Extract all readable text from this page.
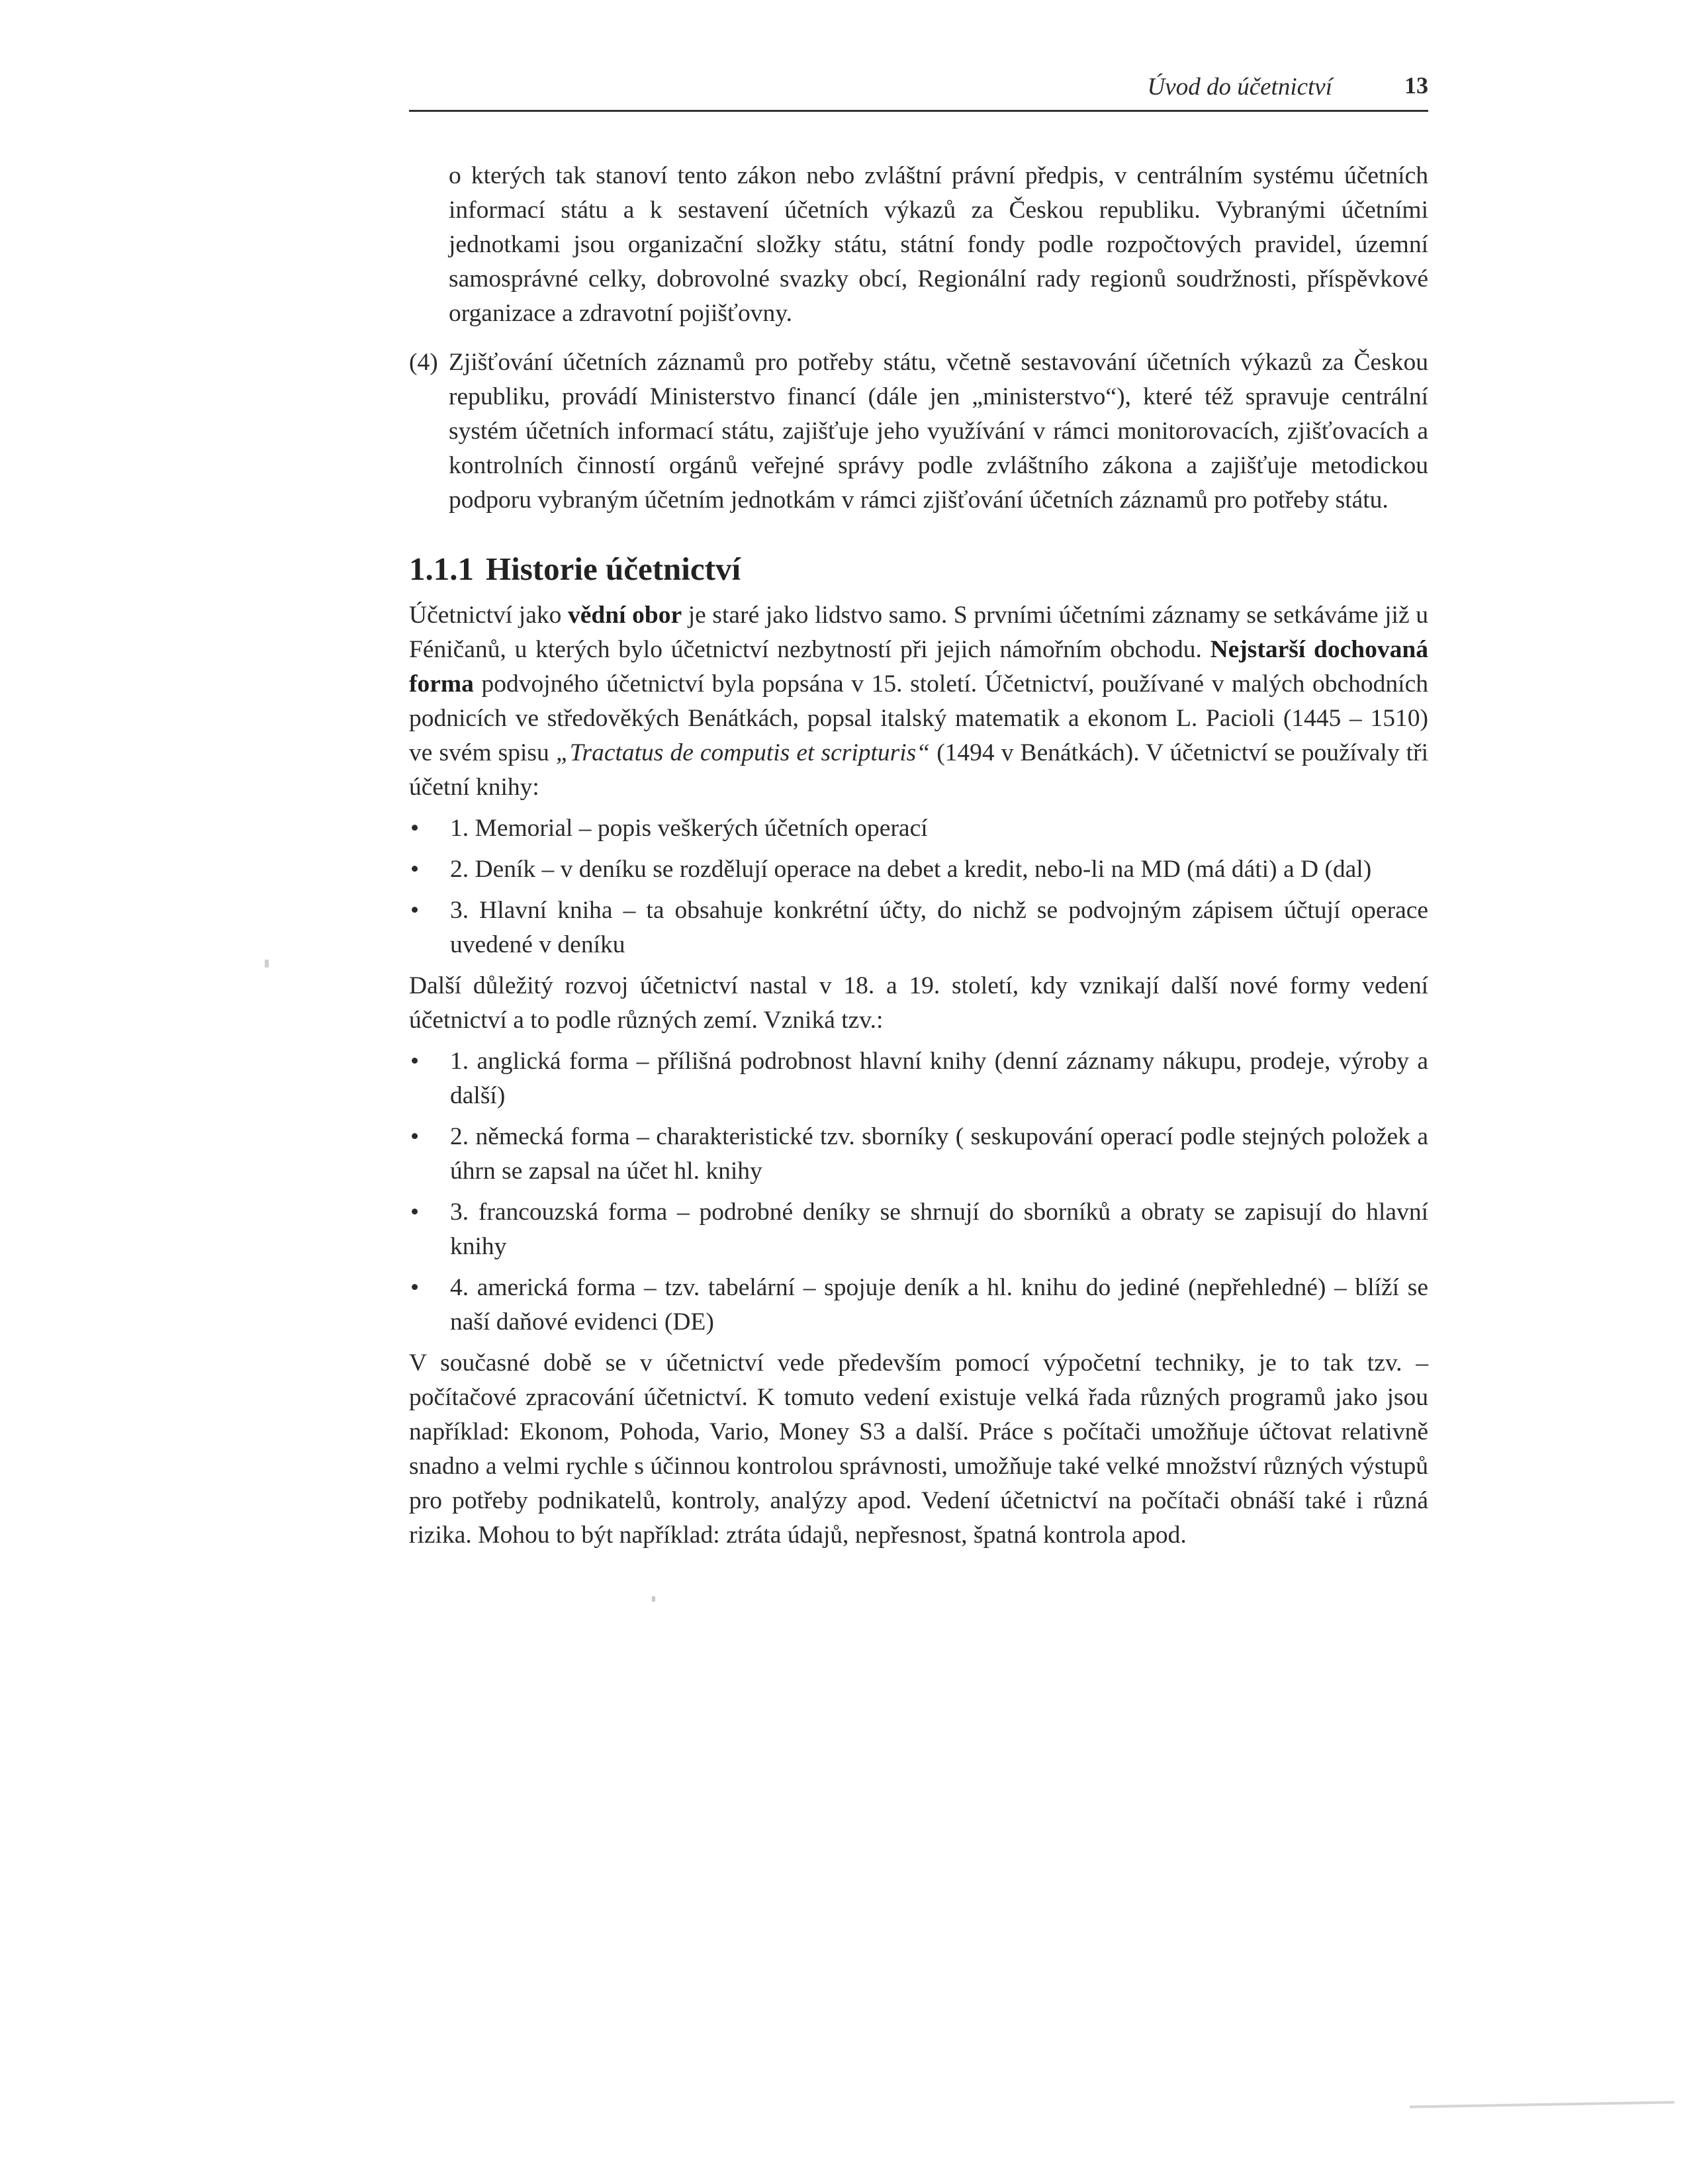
Úvod do účetnictví	13

o kterých tak stanoví tento zákon nebo zvláštní právní předpis, v centrálním systému účetních informací státu a k sestavení účetních výkazů za Českou republiku. Vybranými účetními jednotkami jsou organizační složky státu, státní fondy podle rozpočtových pravidel, územní samosprávné celky, dobrovolné svazky obcí, Regionální rady regionů soudržnosti, příspěvkové organizace a zdravotní pojišťovny.

(4) Zjišťování účetních záznamů pro potřeby státu, včetně sestavování účetních výkazů za Českou republiku, provádí Ministerstvo financí (dále jen „ministerstvo“), které též spravuje centrální systém účetních informací státu, zajišťuje jeho využívání v rámci monitorovacích, zjišťovacích a kontrolních činností orgánů veřejné správy podle zvláštního zákona a zajišťuje metodickou podporu vybraným účetním jednotkám v rámci zjišťování účetních záznamů pro potřeby státu.
1.1.1 Historie účetnictví

Účetnictví jako vědní obor je staré jako lidstvo samo. S prvními účetními záznamy se setkáváme již u Féničanů, u kterých bylo účetnictví nezbytností při jejich námořním obchodu. Nejstarší dochovaná forma podvojného účetnictví byla popsána v 15. století. Účetnictví, používané v malých obchodních podnicích ve středověkých Benátkách, popsal italský matematik a ekonom L. Pacioli (1445 – 1510) ve svém spisu „Tractatus de computis et scripturis“ (1494 v Benátkách). V účetnictví se používaly tři účetní knihy:

•	1. Memorial – popis veškerých účetních operací
•	2. Deník – v deníku se rozdělují operace na debet a kredit, nebo-li na MD (má dáti) a D (dal)
•	3. Hlavní kniha – ta obsahuje konkrétní účty, do nichž se podvojným zápisem účtují operace uvedené v deníku

Další důležitý rozvoj účetnictví nastal v 18. a 19. století, kdy vznikají další nové formy vedení účetnictví a to podle různých zemí. Vzniká tzv.:

•	1. anglická forma – přílišná podrobnost hlavní knihy (denní záznamy nákupu, prodeje, výroby a další)
•	2. německá forma – charakteristické tzv. sborníky ( seskupování operací podle stejných položek a úhrn se zapsal na účet hl. knihy
•	3. francouzská forma – podrobné deníky se shrnují do sborníků a obraty se zapisují do hlavní knihy
•	4. americká forma – tzv. tabelární – spojuje deník a hl. knihu do jediné (nepřehledné) – blíží se naší daňové evidenci (DE)

V současné době se v účetnictví vede především pomocí výpočetní techniky, je to tak tzv. – počítačové zpracování účetnictví. K tomuto vedení existuje velká řada různých programů jako jsou například: Ekonom, Pohoda, Vario, Money S3 a další. Práce s počítači umožňuje účtovat relativně snadno a velmi rychle s účinnou kontrolou správnosti, umožňuje také velké množství různých výstupů pro potřeby podnikatelů, kontroly, analýzy apod. Vedení účetnictví na počítači obnáší také i různá rizika. Mohou to být například: ztráta údajů, nepřesnost, špatná kontrola apod.
